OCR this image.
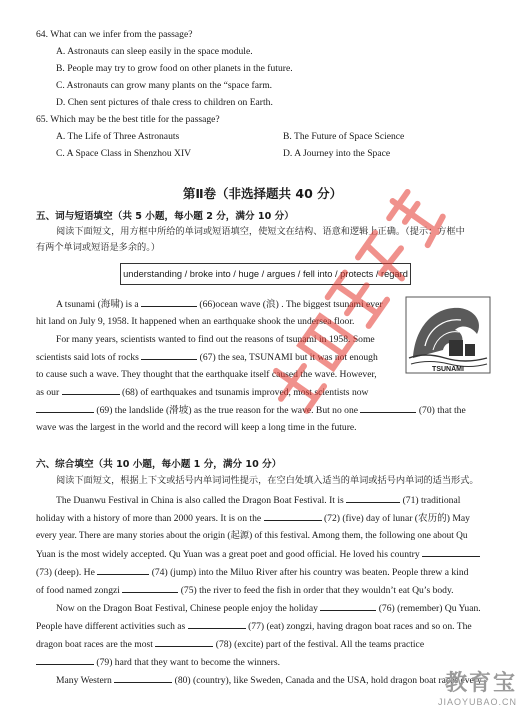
64. What can we infer from the passage?
A. Astronauts can sleep easily in the space module.
B. People may try to grow food on other planets in the future.
C. Astronauts can grow many plants on the “space farm.
D. Chen sent pictures of thale cress to children on Earth.
65. Which may be the best title for the passage?
A. The Life of Three Astronauts	B. The Future of Space Science
C. A Space Class in Shenzhou XIV	D. A Journey into the Space
第Ⅱ卷（非选择题共 40 分）
五、词与短语填空（共 5 小题，每小题 2 分，满分 10 分）
阅读下面短文，用方框中所给的单词或短语填空，使短文在结构、语意和逻辑上正确。（提示：方框中
有两个单词或短语是多余的。）
understanding / broke into / huge / argues / fell into / protects / regard
A tsunami (海啸) is a	(66)ocean wave (浪) . The biggest tsunami ever
hit land on July 9, 1958. It happened when an earthquake shook the undersea floor.
For many years, scientists wanted to find out the reasons of tsunami in 1958. Some
scientists said lots of rocks	(67) the sea, TSUNAMI but it was not enough
to cause such a wave. They thought that the earthquake itself caused the wave. However,
as our	(68) of earthquakes and tsunamis improved, most scientists now
(69) the landslide (滑坡) as the true reason for the wave. But no one	(70) that the
wave was the largest in the world and the record will keep a long time in the future.
TSUNAMI
六、综合填空（共 10 小题，每小题 1 分，满分 10 分）
阅读下面短文，根据上下文或括号内单词词性提示，在空白处填入适当的单词或括号内单词的适当形式。
The Duanwu Festival in China is also called the Dragon Boat Festival. It is	(71) traditional
holiday with a history of more than 2000 years. It is on the	(72) (five) day of lunar (农历的) May
every year. There are many stories about the origin (起源) of this festival. Among them, the following one about Qu
Yuan is the most widely accepted. Qu Yuan was a great poet and good official. He loved his country
(73) (deep). He	(74) (jump) into the Miluo River after his country was beaten. People threw a kind
of food named zongzi	(75) the river to feed the fish in order that they wouldn’t eat Qu’s body.
Now on the Dragon Boat Festival, Chinese people enjoy the holiday	(76) (remember) Qu Yuan.
People have different activities such as	(77) (eat) zongzi, having dragon boat races and so on. The
dragon boat races are the most	(78) (excite) part of the festival. All the teams practice
(79) hard that they want to become the winners.
Many Western	(80) (country), like Sweden, Canada and the USA, hold dragon boat races every
教育宝
JIAOYUBAO.CN
